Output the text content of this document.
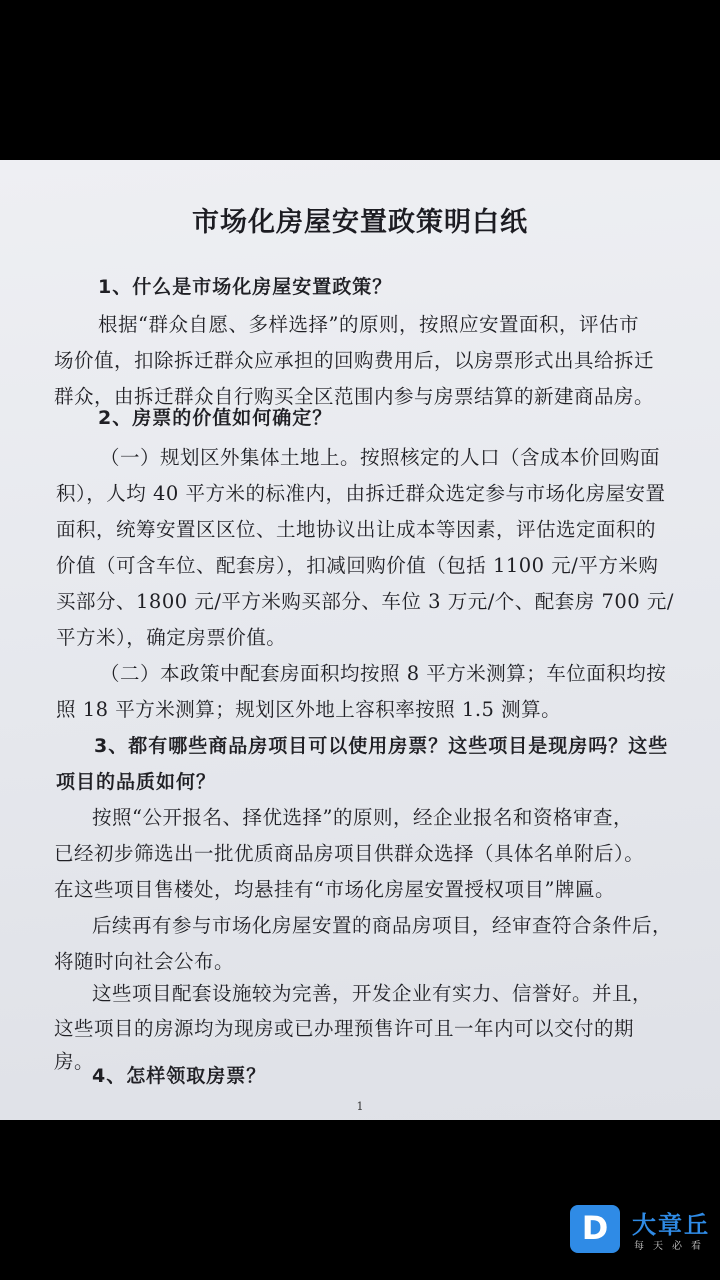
市场化房屋安置政策明白纸
1、什么是市场化房屋安置政策？
根据“群众自愿、多样选择”的原则，按照应安置面积，评估市
场价值，扣除拆迁群众应承担的回购费用后，以房票形式出具给拆迁
群众，由拆迁群众自行购买全区范围内参与房票结算的新建商品房。
2、房票的价值如何确定？
（一）规划区外集体土地上。按照核定的人口（含成本价回购面
积），人均 40 平方米的标准内，由拆迁群众选定参与市场化房屋安置
面积，统筹安置区区位、土地协议出让成本等因素，评估选定面积的
价值（可含车位、配套房），扣减回购价值（包括 1100 元/平方米购
买部分、1800 元/平方米购买部分、车位 3 万元/个、配套房 700 元/
平方米），确定房票价值。
（二）本政策中配套房面积均按照 8 平方米测算；车位面积均按
照 18 平方米测算；规划区外地上容积率按照 1.5 测算。
3、都有哪些商品房项目可以使用房票？这些项目是现房吗？这些
项目的品质如何？
按照“公开报名、择优选择”的原则，经企业报名和资格审查，
已经初步筛选出一批优质商品房项目供群众选择（具体名单附后）。
在这些项目售楼处，均悬挂有“市场化房屋安置授权项目”牌匾。
后续再有参与市场化房屋安置的商品房项目，经审查符合条件后，
将随时向社会公布。
这些项目配套设施较为完善，开发企业有实力、信誉好。并且，
这些项目的房源均为现房或已办理预售许可且一年内可以交付的期
房。
4、怎样领取房票？
1
D 大章丘
每天必看
